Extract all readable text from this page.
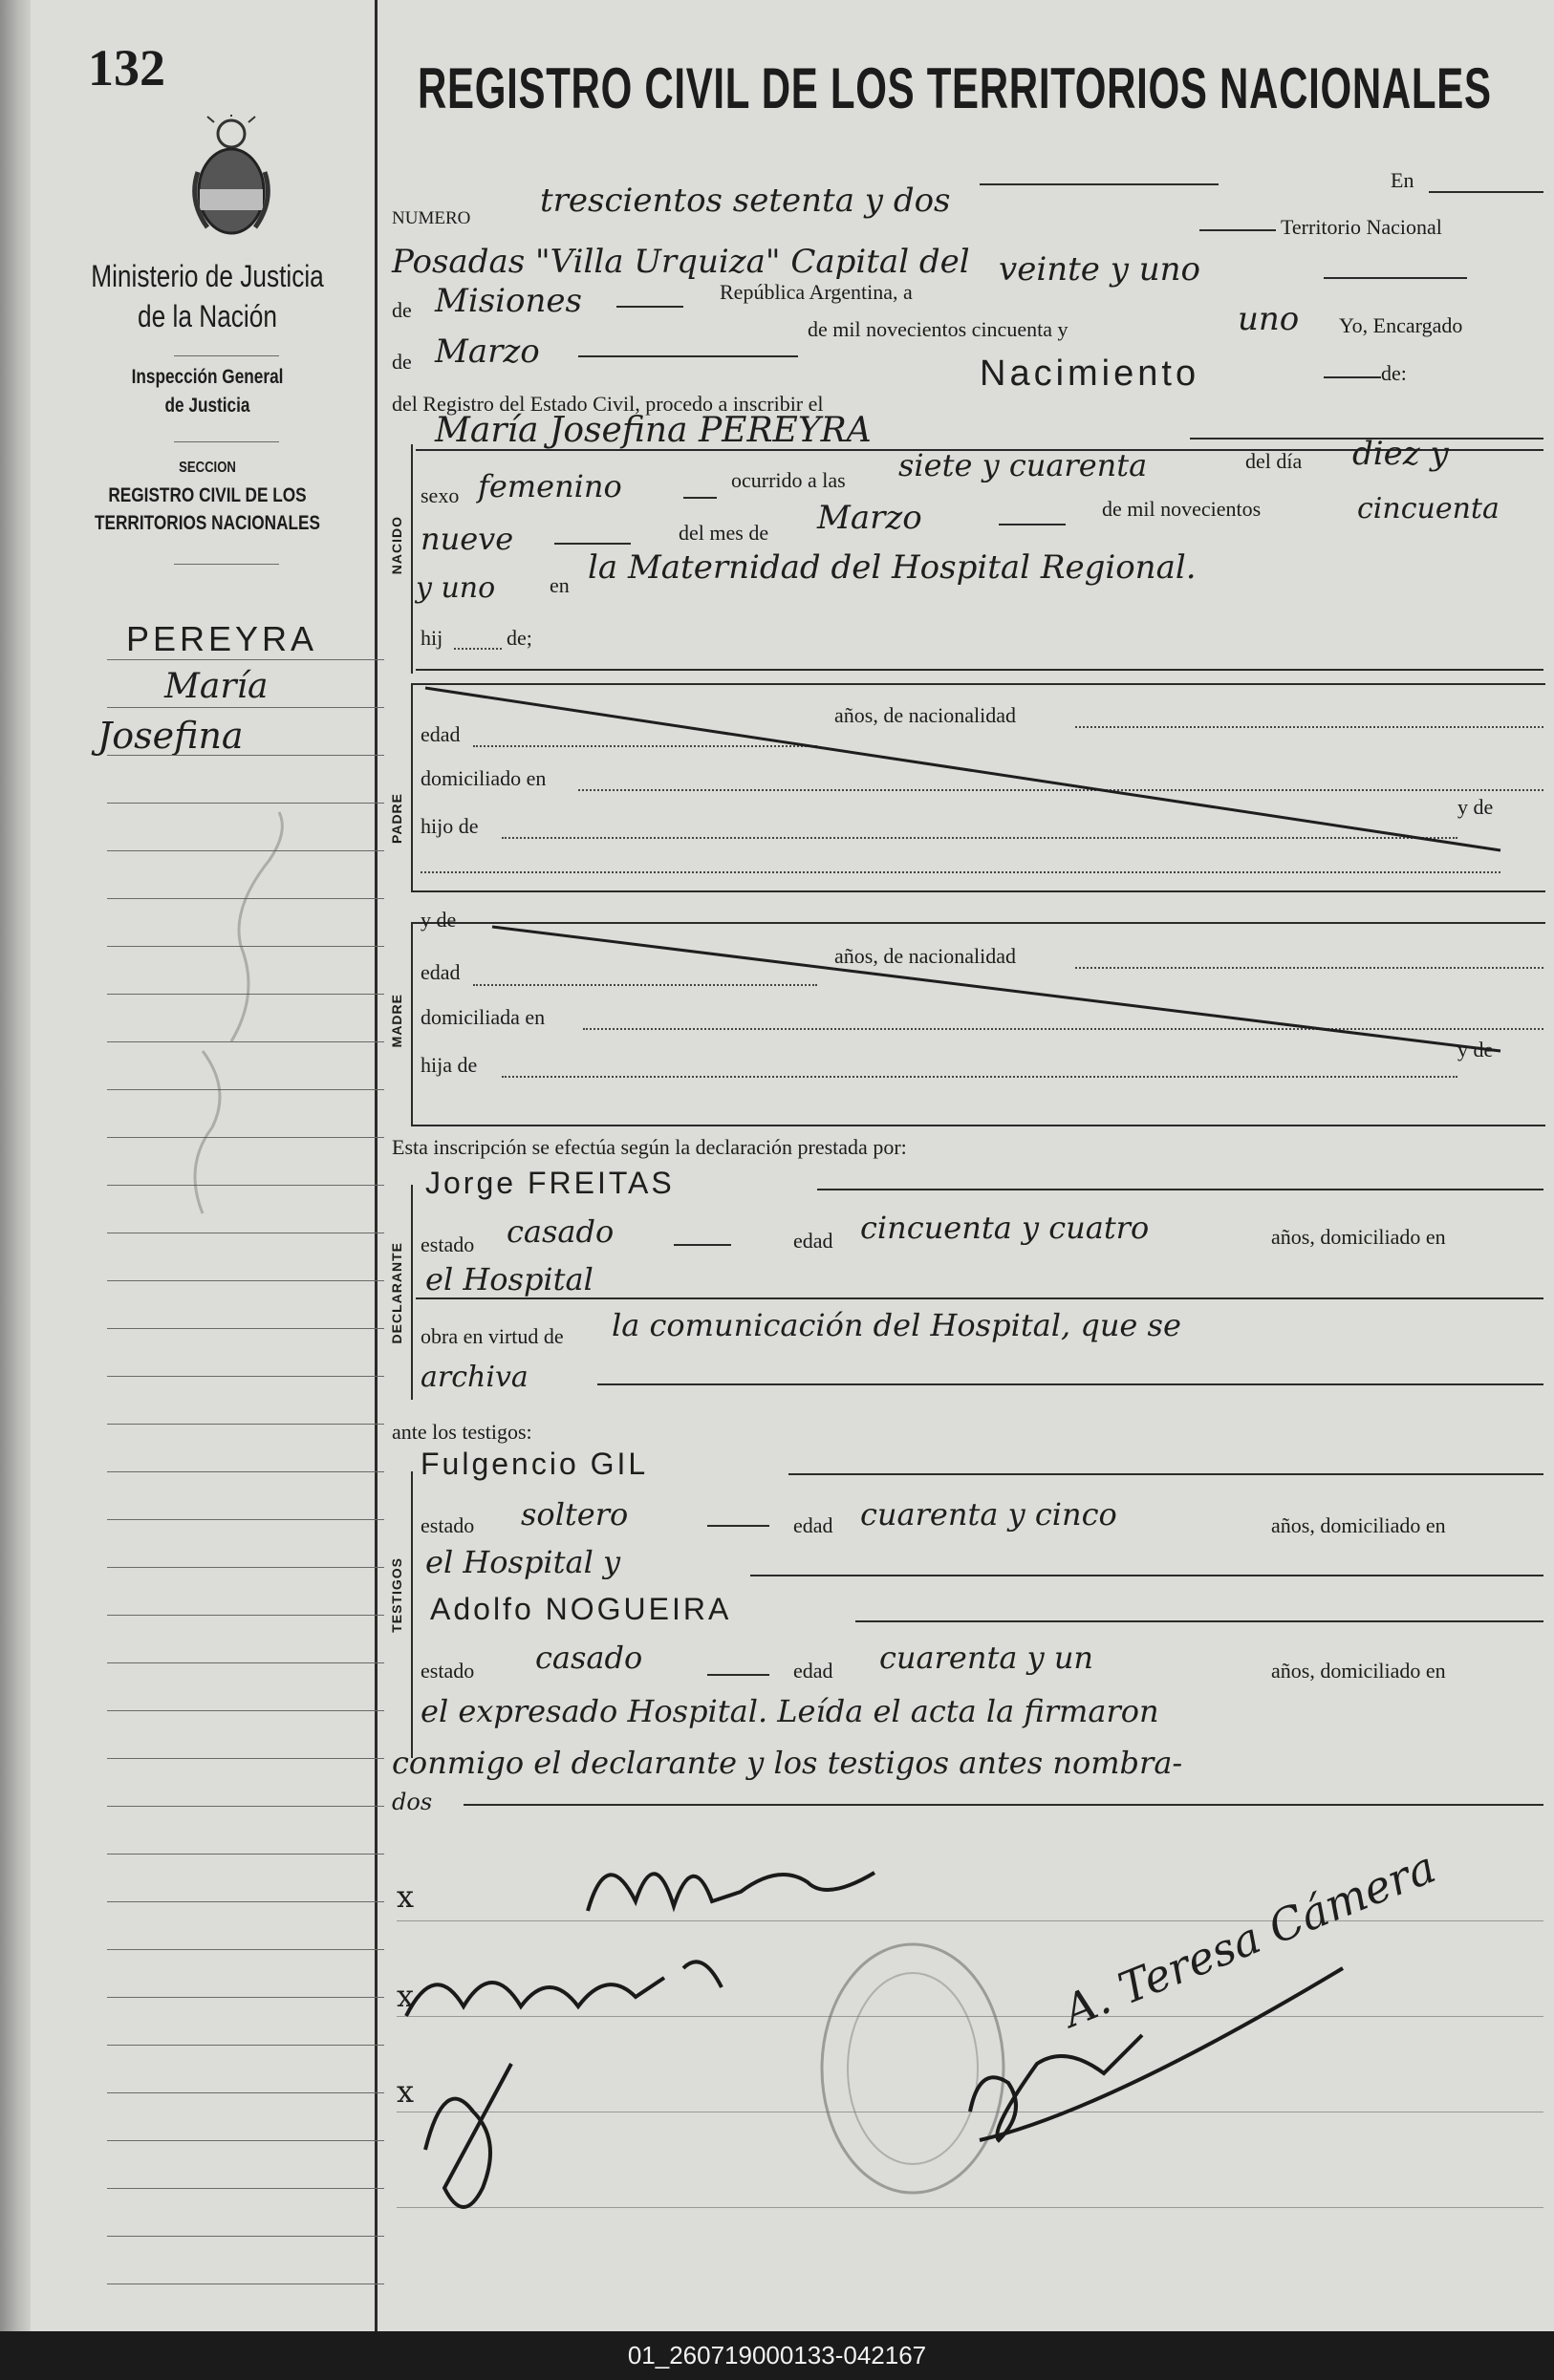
132
Ministerio de Justicia
de la Nación
Inspección General
de Justicia
SECCION
REGISTRO CIVIL DE LOS
TERRITORIOS NACIONALES
PEREYRA
María
Josefina
REGISTRO CIVIL DE LOS TERRITORIOS NACIONALES
NUMERO trescientos setenta y dos
En
Posadas "Villa Urquiza" Capital del
Territorio Nacional
de Misiones	República Argentina, a
veinte y uno
de Marzo
de mil novecientos cincuenta y	uno Yo, Encargado
del Registro del Estado Civil, procedo a inscribir el
Nacimiento	de:
NACIDO
María Josefina PEREYRA
sexo femenino	ocurrido a las siete y cuarenta	del día diez y
nueve	del mes de Marzo	de mil novecientos	cincuenta
y uno	en la Maternidad del Hospital Regional.
hij	de;
PADRE
edad
años, de nacionalidad
domiciliado en
hijo de
y de
MADRE
y de
edad
años, de nacionalidad
domiciliada en
hija de
y de
Esta inscripción se efectúa según la declaración prestada por:
DECLARANTE
Jorge FREITAS
estado casado	edad cincuenta y cuatro	años, domiciliado en
el Hospital
obra en virtud de la comunicación del Hospital, que se
archiva
ante los testigos:
TESTIGOS
Fulgencio GIL
estado soltero	edad cuarenta y cinco	años, domiciliado en
el Hospital y
Adolfo NOGUEIRA
estado casado	edad cuarenta y un	años, domiciliado en
el expresado Hospital. Leída el acta la firmaron
conmigo el declarante y los testigos antes nombra-
dos
x
x
x
A. Teresa Cámera
01_260719000133-042167
